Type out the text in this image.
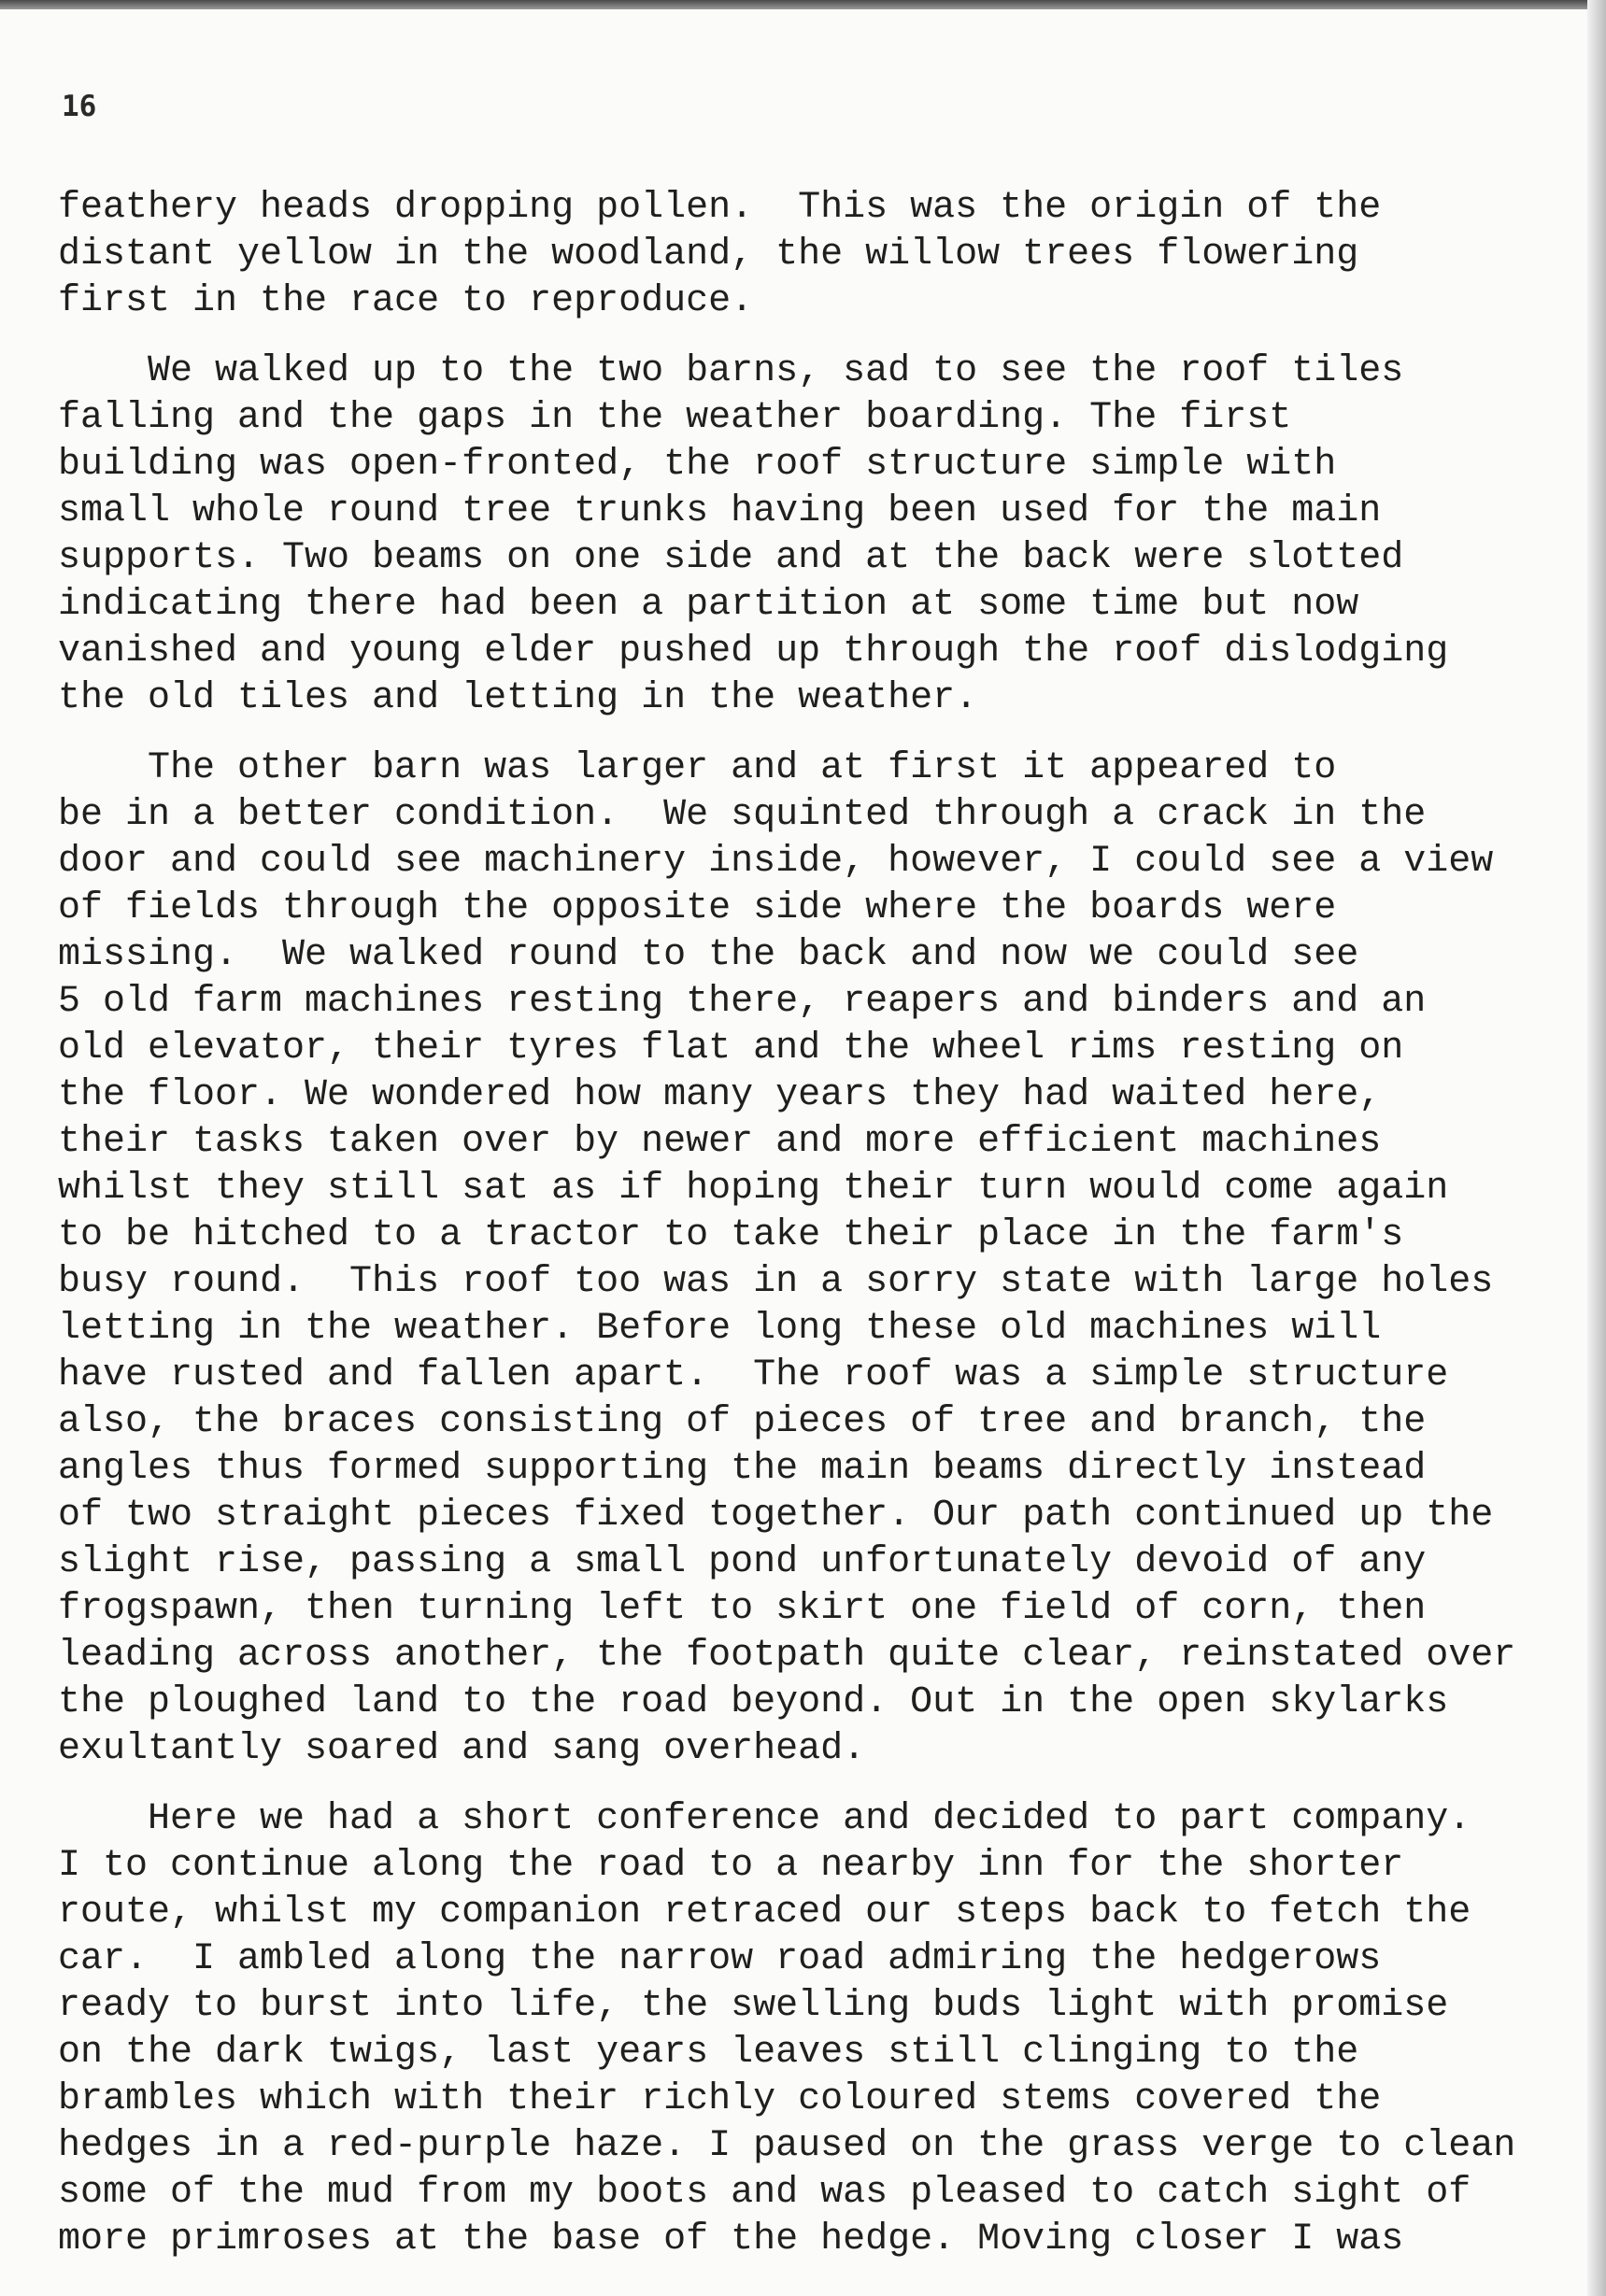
16
feathery heads dropping pollen.  This was the origin of the
distant yellow in the woodland, the willow trees flowering
first in the race to reproduce.
We walked up to the two barns, sad to see the roof tiles
falling and the gaps in the weather boarding. The first
building was open-fronted, the roof structure simple with
small whole round tree trunks having been used for the main
supports. Two beams on one side and at the back were slotted
indicating there had been a partition at some time but now
vanished and young elder pushed up through the roof dislodging
the old tiles and letting in the weather.
The other barn was larger and at first it appeared to
be in a better condition.  We squinted through a crack in the
door and could see machinery inside, however, I could see a view
of fields through the opposite side where the boards were
missing.  We walked round to the back and now we could see
5 old farm machines resting there, reapers and binders and an
old elevator, their tyres flat and the wheel rims resting on
the floor. We wondered how many years they had waited here,
their tasks taken over by newer and more efficient machines
whilst they still sat as if hoping their turn would come again
to be hitched to a tractor to take their place in the farm's
busy round.  This roof too was in a sorry state with large holes
letting in the weather. Before long these old machines will
have rusted and fallen apart.  The roof was a simple structure
also, the braces consisting of pieces of tree and branch, the
angles thus formed supporting the main beams directly instead
of two straight pieces fixed together. Our path continued up the
slight rise, passing a small pond unfortunately devoid of any
frogspawn, then turning left to skirt one field of corn, then
leading across another, the footpath quite clear, reinstated over
the ploughed land to the road beyond. Out in the open skylarks
exultantly soared and sang overhead.
Here we had a short conference and decided to part company.
I to continue along the road to a nearby inn for the shorter
route, whilst my companion retraced our steps back to fetch the
car.  I ambled along the narrow road admiring the hedgerows
ready to burst into life, the swelling buds light with promise
on the dark twigs, last years leaves still clinging to the
brambles which with their richly coloured stems covered the
hedges in a red-purple haze. I paused on the grass verge to clean
some of the mud from my boots and was pleased to catch sight of
more primroses at the base of the hedge. Moving closer I was
